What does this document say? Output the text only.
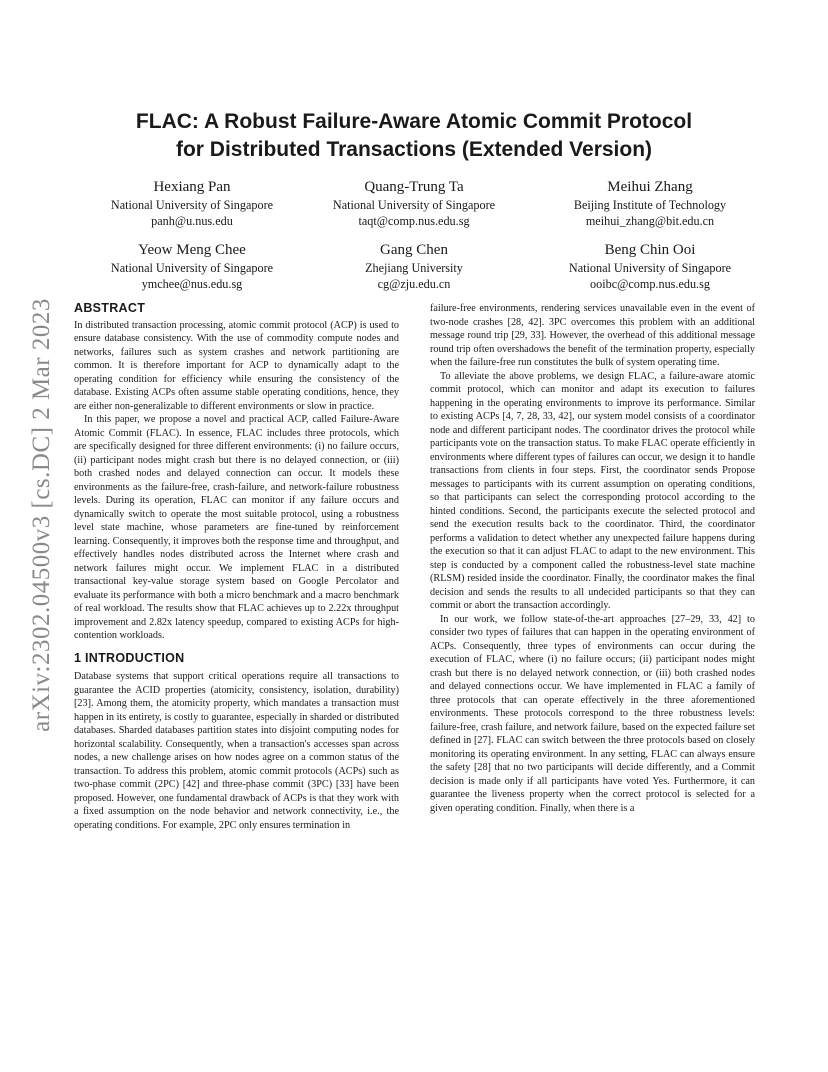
arXiv:2302.04500v3 [cs.DC] 2 Mar 2023
FLAC: A Robust Failure-Aware Atomic Commit Protocol
for Distributed Transactions (Extended Version)
Hexiang Pan
National University of Singapore
panh@u.nus.edu
Quang-Trung Ta
National University of Singapore
taqt@comp.nus.edu.sg
Meihui Zhang
Beijing Institute of Technology
meihui_zhang@bit.edu.cn
Yeow Meng Chee
National University of Singapore
ymchee@nus.edu.sg
Gang Chen
Zhejiang University
cg@zju.edu.cn
Beng Chin Ooi
National University of Singapore
ooibc@comp.nus.edu.sg
ABSTRACT

In distributed transaction processing, atomic commit protocol (ACP) is used to ensure database consistency. With the use of commodity compute nodes and networks, failures such as system crashes and network partitioning are common. It is therefore important for ACP to dynamically adapt to the operating condition for efficiency while ensuring the consistency of the database. Existing ACPs often assume stable operating conditions, hence, they are either non-generalizable to different environments or slow in practice.

In this paper, we propose a novel and practical ACP, called Failure-Aware Atomic Commit (FLAC). In essence, FLAC includes three protocols, which are specifically designed for three different environments: (i) no failure occurs, (ii) participant nodes might crash but there is no delayed connection, or (iii) both crashed nodes and delayed connection can occur. It models these environments as the failure-free, crash-failure, and network-failure robustness levels. During its operation, FLAC can monitor if any failure occurs and dynamically switch to operate the most suitable protocol, using a robustness level state machine, whose parameters are fine-tuned by reinforcement learning. Consequently, it improves both the response time and throughput, and effectively handles nodes distributed across the Internet where crash and network failures might occur. We implement FLAC in a distributed transactional key-value storage system based on Google Percolator and evaluate its performance with both a micro benchmark and a macro benchmark of real workload. The results show that FLAC achieves up to 2.22x throughput improvement and 2.82x latency speedup, compared to existing ACPs for high-contention workloads.

1 INTRODUCTION

Database systems that support critical operations require all transactions to guarantee the ACID properties (atomicity, consistency, isolation, durability) [23]. Among them, the atomicity property, which mandates a transaction must happen in its entirety, is costly to guarantee, especially in sharded or distributed databases. Sharded databases partition states into disjoint computing nodes for horizontal scalability. Consequently, when a transaction's accesses span across nodes, a new challenge arises on how nodes agree on a common status of the transaction. To address this problem, atomic commit protocols (ACPs) such as two-phase commit (2PC) [42] and three-phase commit (3PC) [33] have been proposed. However, one fundamental drawback of ACPs is that they work with a fixed assumption on the node behavior and network connectivity, i.e., the operating conditions. For example, 2PC only ensures termination in

failure-free environments, rendering services unavailable even in the event of two-node crashes [28, 42]. 3PC overcomes this problem with an additional message round trip [29, 33]. However, the overhead of this additional message round trip often overshadows the benefit of the termination property, especially when the failure-free run constitutes the bulk of system operating time.

To alleviate the above problems, we design FLAC, a failure-aware atomic commit protocol, which can monitor and adapt its execution to failures happening in the operating environments to improve its performance. Similar to existing ACPs [4, 7, 28, 33, 42], our system model consists of a coordinator node and different participant nodes. The coordinator drives the protocol while participants vote on the transaction status. To make FLAC operate efficiently in environments where different types of failures can occur, we design it to handle transactions from clients in four steps. First, the coordinator sends Propose messages to participants with its current assumption on operating conditions, so that participants can select the corresponding protocol according to the hinted conditions. Second, the participants execute the selected protocol and send the execution results back to the coordinator. Third, the coordinator performs a validation to detect whether any unexpected failure happens during the execution so that it can adjust FLAC to adapt to the new environment. This step is conducted by a component called the robustness-level state machine (RLSM) resided inside the coordinator. Finally, the coordinator makes the final decision and sends the results to all undecided participants so that they can commit or abort the transaction accordingly.

In our work, we follow state-of-the-art approaches [27–29, 33, 42] to consider two types of failures that can happen in the operating environment of ACPs. Consequently, three types of environments can occur during the execution of FLAC, where (i) no failure occurs; (ii) participant nodes might crash but there is no delayed network connection, or (iii) both crashed nodes and delayed connections occur. We have implemented in FLAC a family of three protocols that can operate effectively in the three aforementioned environments. These protocols correspond to the three robustness levels: failure-free, crash failure, and network failure, based on the expected failure set defined in [27]. FLAC can switch between the three protocols based on closely monitoring its operating environment. In any setting, FLAC can always ensure the safety [28] that no two participants will decide differently, and a Commit decision is made only if all participants have voted Yes. Furthermore, it can guarantee the liveness property when the correct protocol is selected for a given operating condition. Finally, when there is a
